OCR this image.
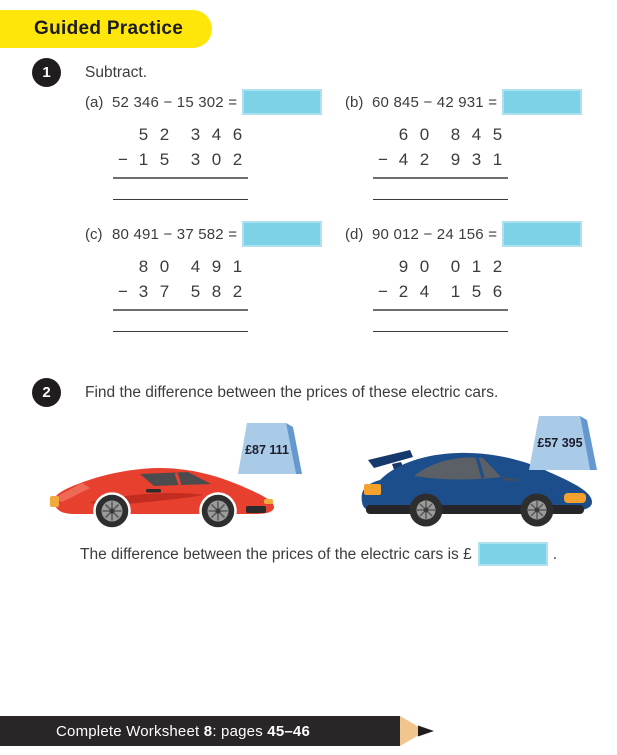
Guided Practice
1 Subtract.
(a) 52 346 − 15 302 =
5 2 3 4 6
− 1 5 3 0 2
(b) 60 845 − 42 931 =
6 0 8 4 5
− 4 2 9 3 1
(c) 80 491 − 37 582 =
8 0 4 9 1
− 3 7 5 8 2
(d) 90 012 − 24 156 =
9 0 0 1 2
− 2 4 1 5 6
2 Find the difference between the prices of these electric cars.
£87 111	£57 395
The difference between the prices of the electric cars is £	.
Complete Worksheet 8: pages 45–46
